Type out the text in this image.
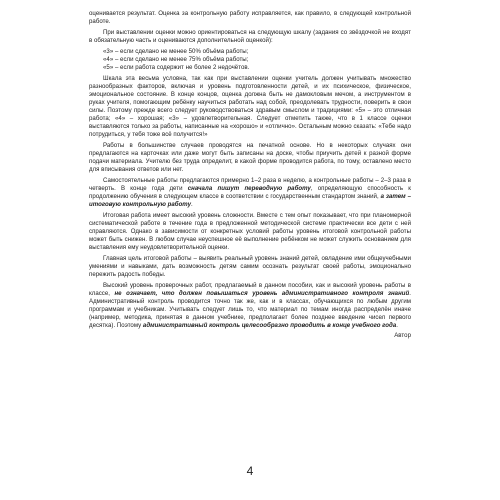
оценивается результат. Оценка за контрольную работу исправляется, как правило, в следующей контрольной работе.

При выставлении оценки можно ориентироваться на следующую шкалу (задания со звёздочкой не входят в обязательную часть и оцениваются дополнительной оценкой):

«3» – если сделано не менее 50% объёма работы;

«4» – если сделано не менее 75% объёма работы;

«5» – если работа содержит не более 2 недочётов.

Шкала эта весьма условна, так как при выставлении оценки учитель должен учитывать множество разнообразных факторов, включая и уровень подготовленности детей, и их психическое, физическое, эмоциональное состояние. В конце концов, оценка должна быть не дамокловым мечом, а инструментом в руках учителя, помогающим ребёнку научиться работать над собой, преодолевать трудности, поверить в свои силы. Поэтому прежде всего следует руководствоваться здравым смыслом и традициями: «5» – это отличная работа; «4» – хорошая; «3» – удовлетворительная. Следует отметить также, что в 1 классе оценки выставляются только за работы, написанные на «хорошо» и «отлично». Остальным можно сказать: «Тебе надо потрудиться, у тебя тоже всё получится!»

Работы в большинстве случаев проводятся на печатной основе. Но в некоторых случаях они предлагаются на карточках или даже могут быть записаны на доске, чтобы приучить детей к разной форме подачи материала. Учителю без труда определит, в какой форме проводится работа, по тому, оставлено место для вписывания ответов или нет.

Самостоятельные работы предлагаются примерно 1–2 раза в неделю, а контрольные работы – 2–3 раза в четверть. В конце года дети сначала пишут переводную работу, определяющую способность к продолжению обучения в следующем классе в соответствии с государственным стандартом знаний, а затем – итоговую контрольную работу.

Итоговая работа имеет высокий уровень сложности. Вместе с тем опыт показывает, что при планомерной систематической работе в течение года в предложенной методической системе практически все дети с ней справляются. Однако в зависимости от конкретных условий работы уровень итоговой контрольной работы может быть снижен. В любом случае неуспешное её выполнение ребёнком не может служить основанием для выставления ему неудовлетворительной оценки.

Главная цель итоговой работы – выявить реальный уровень знаний детей, овладение ими общеучебными умениями и навыками, дать возможность детям самим осознать результат своей работы, эмоционально пережить радость победы.

Высокий уровень проверочных работ, предлагаемый в данном пособии, как и высокий уровень работы в классе, не означает, что должен повышаться уровень административного контроля знаний. Административный контроль проводится точно так же, как и в классах, обучающихся по любым другим программам и учебникам. Учитывать следует лишь то, что материал по темам иногда распределён иначе (например, методика, принятая в данном учебнике, предполагает более позднее введение чисел первого десятка). Поэтому административный контроль целесообразно проводить в конце учебного года.

Автор

4
